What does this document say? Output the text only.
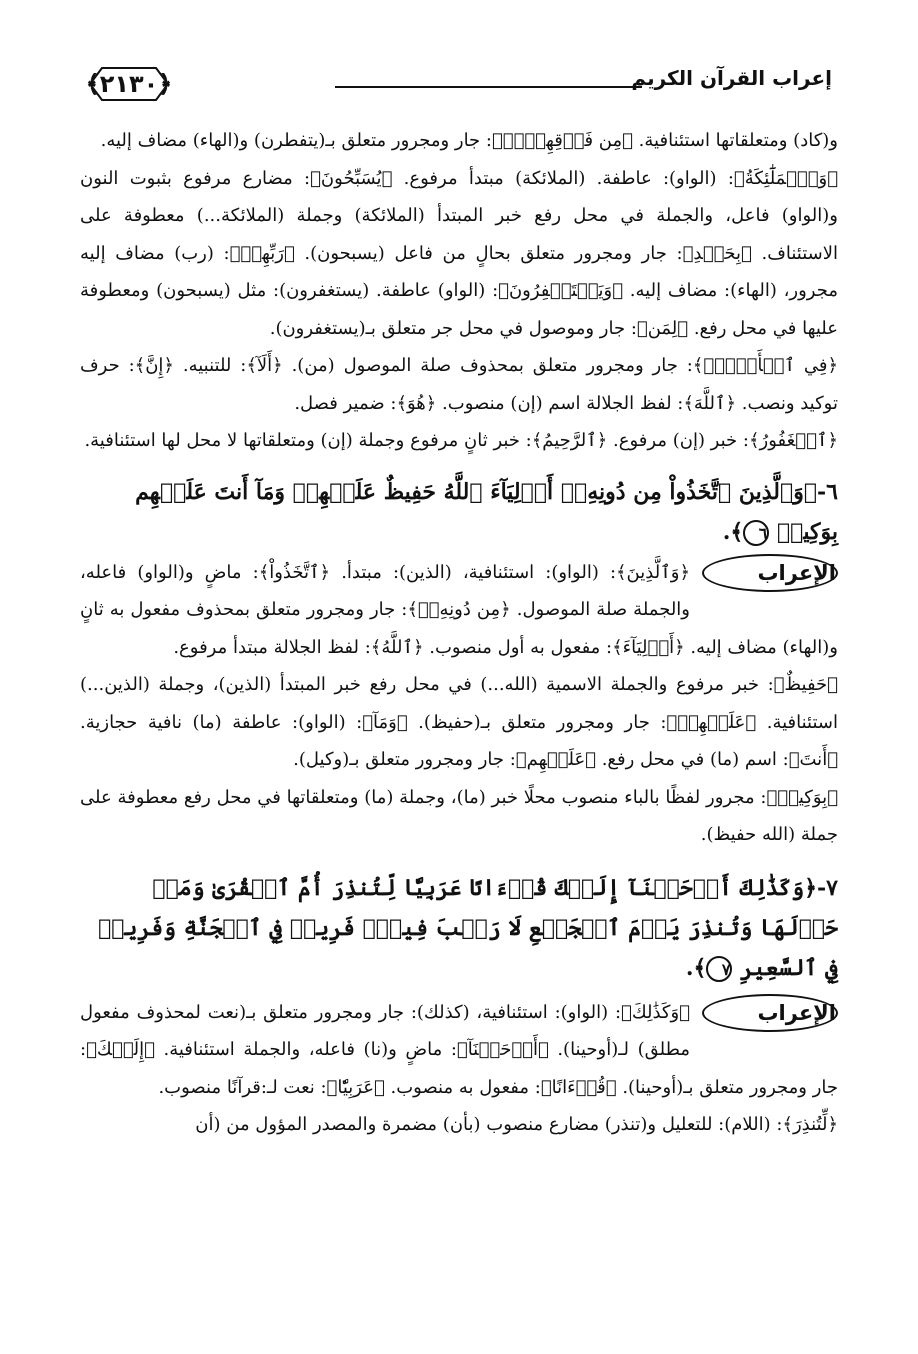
﴿٢١٣٠﴾	إعراب القرآن الكريم

و(كاد) ومتعلقاتها استئنافية. ﴿مِن فَوۡقِهِنَّۚ﴾: جار ومجرور متعلق بـ(يتفطرن) و(الهاء) مضاف إليه.

﴿وَٱلۡمَلَٰٓئِكَةُ﴾: (الواو): عاطفة. (الملائكة) مبتدأ مرفوع. ﴿يُسَبِّحُونَ﴾: مضارع مرفوع بثبوت النون و(الواو) فاعل، والجملة في محل رفع خبر المبتدأ (الملائكة) وجملة (الملائكة...) معطوفة على الاستئناف. ﴿بِحَمۡدِ﴾: جار ومجرور متعلق بحالٍ من فاعل (يسبحون). ﴿رَبِّهِمۡ﴾: (رب) مضاف إليه مجرور، (الهاء): مضاف إليه. ﴿وَيَسۡتَغۡفِرُونَ﴾: (الواو) عاطفة. (يستغفرون): مثل (يسبحون) ومعطوفة عليها في محل رفع. ﴿لِمَن﴾: جار وموصول في محل جر متعلق بـ(يستغفرون).

﴿فِي ٱلۡأَرۡضِۗ﴾: جار ومجرور متعلق بمحذوف صلة الموصول (من). ﴿أَلَآ﴾: للتنبيه. ﴿إِنَّ﴾: حرف توكيد ونصب. ﴿ٱللَّهَ﴾: لفظ الجلالة اسم (إن) منصوب. ﴿هُوَ﴾: ضمير فصل.

﴿ٱلۡغَفُورُ﴾: خبر (إن) مرفوع. ﴿ٱلرَّحِيمُ﴾: خبر ثانٍ مرفوع وجملة (إن) ومتعلقاتها لا محل لها استئنافية.

٦-﴿وَٱلَّذِينَ ٱتَّخَذُواْ مِن دُونِهِۦٓ أَوۡلِيَآءَ ٱللَّهُ حَفِيظٌ عَلَيۡهِمۡ وَمَآ أَنتَ عَلَيۡهِم بِوَكِيلٖ ٦﴾.

الإعراب
﴿وَٱلَّذِينَ﴾: (الواو): استئنافية، (الذين): مبتدأ. ﴿ٱتَّخَذُواْ﴾: ماضٍ و(الواو) فاعله، والجملة صلة الموصول. ﴿مِن دُونِهِۦٓ﴾: جار ومجرور متعلق بمحذوف مفعول به ثانٍ و(الهاء) مضاف إليه. ﴿أَوۡلِيَآءَ﴾: مفعول به أول منصوب. ﴿ٱللَّهُ﴾: لفظ الجلالة مبتدأ مرفوع.

﴿حَفِيظٌ﴾: خبر مرفوع والجملة الاسمية (الله...) في محل رفع خبر المبتدأ (الذين)، وجملة (الذين...) استئنافية. ﴿عَلَيۡهِمۡ﴾: جار ومجرور متعلق بـ(حفيظ). ﴿وَمَآ﴾: (الواو): عاطفة (ما) نافية حجازية. ﴿أَنتَ﴾: اسم (ما) في محل رفع. ﴿عَلَيۡهِم﴾: جار ومجرور متعلق بـ(وكيل).

﴿بِوَكِيلٖ﴾: مجرور لفظًا بالباء منصوب محلًا خبر (ما)، وجملة (ما) ومتعلقاتها في محل رفع معطوفة على جملة (الله حفيظ).

٧-﴿وَكَذَٰلِكَ أَوۡحَيۡنَآ إِلَيۡكَ قُرۡءَانًا عَرَبِيّٗا لِّتُنذِرَ أُمَّ ٱلۡقُرَىٰ وَمَنۡ حَوۡلَهَا وَتُنذِرَ يَوۡمَ ٱلۡجَمۡعِ لَا رَيۡبَ فِيهِۚ فَرِيقٞ فِي ٱلۡجَنَّةِ وَفَرِيقٞ فِي ٱلسَّعِيرِ ٧﴾.

الإعراب
﴿وَكَذَٰلِكَ﴾: (الواو): استئنافية، (كذلك): جار ومجرور متعلق بـ(نعت لمحذوف مفعول مطلق) لـ(أوحينا). ﴿أَوۡحَيۡنَآ﴾: ماضٍ و(نا) فاعله، والجملة استئنافية. ﴿إِلَيۡكَ﴾: جار ومجرور متعلق بـ(أوحينا). ﴿قُرۡءَانًا﴾: مفعول به منصوب. ﴿عَرَبِيّٗا﴾: نعت لـ:قرآنًا منصوب.

﴿لِّتُنذِرَ﴾: (اللام): للتعليل و(تنذر) مضارع منصوب (بأن) مضمرة والمصدر المؤول من (أن
